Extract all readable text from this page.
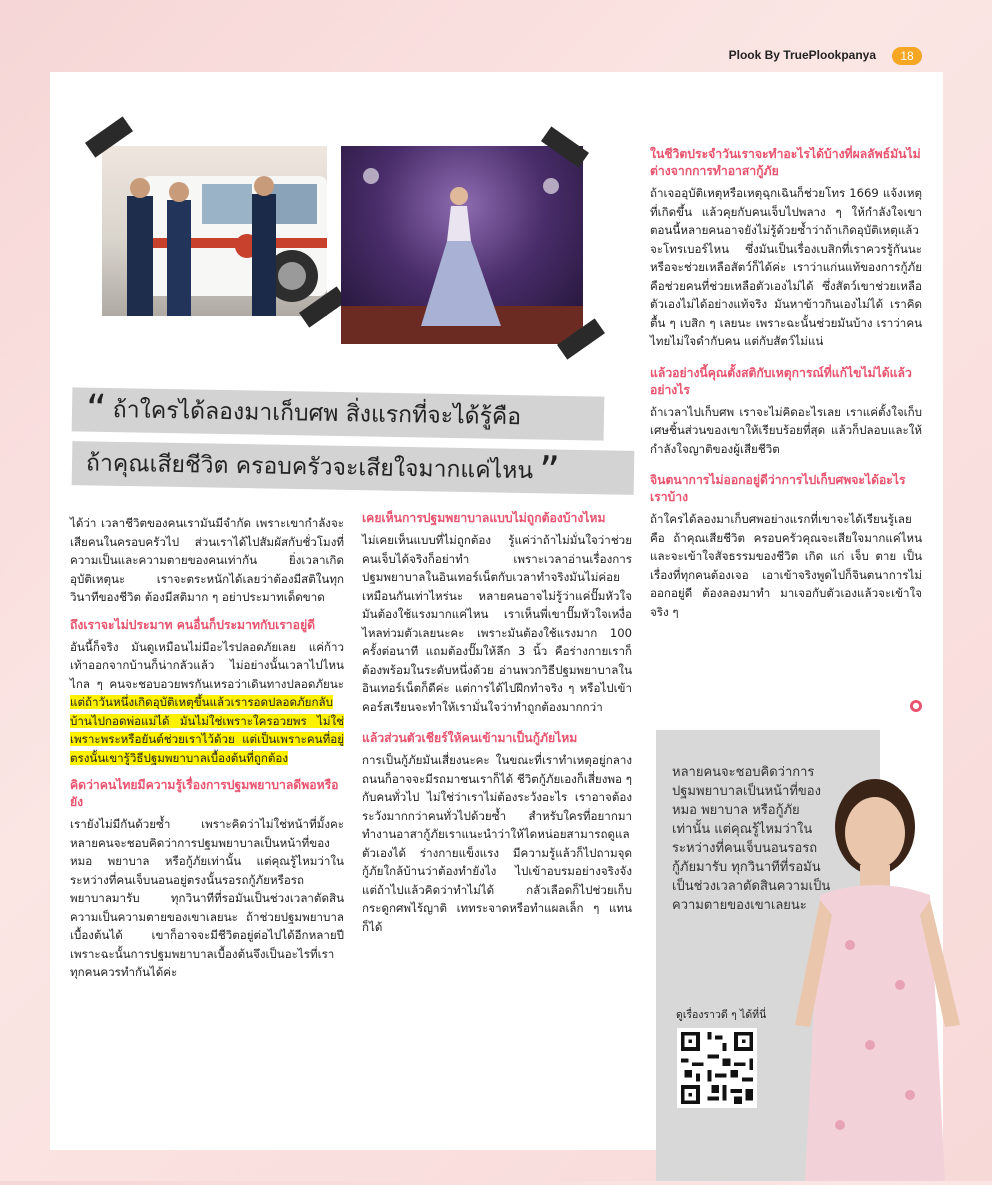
Plook By TruePlookpanya	18
“ ถ้าใครได้ลองมาเก็บศพ สิ่งแรกที่จะได้รู้คือ
ถ้าคุณเสียชีวิต ครอบครัวจะเสียใจมากแค่ไหน ”

ได้ว่า เวลาชีวิตของคนเรามันมีจำกัด เพราะเขากำลังจะเสียคนในครอบครัวไป ส่วนเราได้ไปสัมผัสกับชั่วโมงที่ความเป็นและความตายของคนเท่ากัน ยิ่งเวลาเกิดอุบัติเหตุนะ เราจะตระหนักได้เลยว่าต้องมีสติในทุกวินาทีของชีวิต ต้องมีสติมาก ๆ อย่าประมาทเด็ดขาด

ถึงเราจะไม่ประมาท คนอื่นก็ประมาทกับเราอยู่ดี

อันนี้ก็จริง มันดูเหมือนไม่มีอะไรปลอดภัยเลย แค่ก้าวเท้าออกจากบ้านก็น่ากลัวแล้ว ไม่อย่างนั้นเวลาไปไหนไกล ๆ คนจะชอบอวยพรกันเหรอว่าเดินทางปลอดภัยนะ แต่ถ้าวันหนึ่งเกิดอุบัติเหตุขึ้นแล้วเรารอดปลอดภัยกลับบ้านไปกอดพ่อแม่ได้ มันไม่ใช่เพราะใครอวยพร ไม่ใช่เพราะพระหรือยันต์ช่วยเราไว้ด้วย แต่เป็นเพราะคนที่อยู่ตรงนั้นเขารู้วิธีปฐมพยาบาลเบื้องต้นที่ถูกต้อง

คิดว่าคนไทยมีความรู้เรื่องการปฐมพยาบาลดีพอหรือยัง

เรายังไม่มีกันด้วยซ้ำ เพราะคิดว่าไม่ใช่หน้าที่มั้งคะ หลายคนจะชอบคิดว่าการปฐมพยาบาลเป็นหน้าที่ของหมอ พยาบาล หรือกู้ภัยเท่านั้น แต่คุณรู้ไหมว่าในระหว่างที่คนเจ็บนอนอยู่ตรงนั้นรอรถกู้ภัยหรือรถพยาบาลมารับ ทุกวินาทีที่รอมันเป็นช่วงเวลาตัดสินความเป็นความตายของเขาเลยนะ ถ้าช่วยปฐมพยาบาลเบื้องต้นได้ เขาก็อาจจะมีชีวิตอยู่ต่อไปได้อีกหลายปี เพราะฉะนั้นการปฐมพยาบาลเบื้องต้นจึงเป็นอะไรที่เราทุกคนควรทำกันได้ค่ะ

เคยเห็นการปฐมพยาบาลแบบไม่ถูกต้องบ้างไหม

ไม่เคยเห็นแบบที่ไม่ถูกต้อง รู้แค่ว่าถ้าไม่มั่นใจว่าช่วยคนเจ็บได้จริงก็อย่าทำ เพราะเวลาอ่านเรื่องการปฐมพยาบาลในอินเทอร์เน็ตกับเวลาทำจริงมันไม่ค่อยเหมือนกันเท่าไหร่นะ หลายคนอาจไม่รู้ว่าแค่ปั๊มหัวใจ มันต้องใช้แรงมากแค่ไหน เราเห็นพี่เขาปั๊มหัวใจเหงื่อไหลท่วมตัวเลยนะคะ เพราะมันต้องใช้แรงมาก 100 ครั้งต่อนาที แถมต้องปั๊มให้ลึก 3 นิ้ว คือร่างกายเราก็ต้องพร้อมในระดับหนึ่งด้วย อ่านพวกวิธีปฐมพยาบาลในอินเทอร์เน็ตก็ดีค่ะ แต่การได้ไปฝึกทำจริง ๆ หรือไปเข้าคอร์สเรียนจะทำให้เรามั่นใจว่าทำถูกต้องมากกว่า

แล้วส่วนตัวเชียร์ให้คนเข้ามาเป็นกู้ภัยไหม

การเป็นกู้ภัยมันเสี่ยงนะคะ ในขณะที่เราทำเหตุอยู่กลางถนนก็อาจจะมีรถมาชนเราก็ได้ ชีวิตกู้ภัยเองก็เสี่ยงพอ ๆ กับคนทั่วไป ไม่ใช่ว่าเราไม่ต้องระวังอะไร เราอาจต้องระวังมากกว่าคนทั่วไปด้วยซ้ำ สำหรับใครที่อยากมาทำงานอาสากู้ภัยเราแนะนำว่าให้ไดหน่อยสามารถดูแลตัวเองได้ ร่างกายแข็งแรง มีความรู้แล้วก็ไปถามจุดกู้ภัยใกล้บ้านว่าต้องทำยังไง ไปเข้าอบรมอย่างจริงจัง แต่ถ้าไปแล้วคิดว่าทำไม่ได้ กลัวเลือดก็ไปช่วยเก็บกระดูกศพไร้ญาติ เททระจาดหรือทำแผลเล็ก ๆ แทนก็ได้

ในชีวิตประจำวันเราจะทำอะไรได้บ้างที่ผลลัพธ์มันไม่ต่างจากการทำอาสากู้ภัย

ถ้าเจออุบัติเหตุหรือเหตุฉุกเฉินก็ช่วยโทร 1669 แจ้งเหตุที่เกิดขึ้น แล้วคุยกับคนเจ็บไปพลาง ๆ ให้กำลังใจเขา ตอนนี้หลายคนอาจยังไม่รู้ด้วยซ้ำว่าถ้าเกิดอุบัติเหตุแล้วจะโทรเบอร์ไหน ซึ่งมันเป็นเรื่องเบสิกที่เราควรรู้กันนะ หรือจะช่วยเหลือสัตว์ก็ได้ค่ะ เราว่าแก่นแท้ของการกู้ภัยคือช่วยคนที่ช่วยเหลือตัวเองไม่ได้ ซึ่งสัตว์เขาช่วยเหลือตัวเองไม่ได้อย่างแท้จริง มันหาข้าวกินเองไม่ได้ เราคิดตื้น ๆ เบสิก ๆ เลยนะ เพราะฉะนั้นช่วยมันบ้าง เราว่าคนไทยไม่ใจดำกับคน แต่กับสัตว์ไม่แน่

แล้วอย่างนี้คุณตั้งสติกับเหตุการณ์ที่แก้ไขไม่ได้แล้วอย่างไร

ถ้าเวลาไปเก็บศพ เราจะไม่คิดอะไรเลย เราแค่ตั้งใจเก็บเศษชิ้นส่วนของเขาให้เรียบร้อยที่สุด แล้วก็ปลอบและให้กำลังใจญาติของผู้เสียชีวิต

จินตนาการไม่ออกอยู่ดีว่าการไปเก็บศพจะได้อะไรเราบ้าง

ถ้าใครได้ลองมาเก็บศพอย่างแรกที่เขาจะได้เรียนรู้เลยคือ ถ้าคุณเสียชีวิต ครอบครัวคุณจะเสียใจมากแค่ไหน และจะเข้าใจสัจธรรมของชีวิต เกิด แก่ เจ็บ ตาย เป็นเรื่องที่ทุกคนต้องเจอ เอาเข้าจริงพูดไปก็จินตนาการไม่ออกอยู่ดี ต้องลองมาทำ มาเจอกับตัวเองแล้วจะเข้าใจจริง ๆ

●
หลายคนจะชอบคิดว่าการปฐมพยาบาลเป็นหน้าที่ของหมอ พยาบาล หรือกู้ภัยเท่านั้น แต่คุณรู้ไหมว่าในระหว่างที่คนเจ็บนอนรอรถกู้ภัยมารับ ทุกวินาทีที่รอมันเป็นช่วงเวลาตัดสินความเป็นความตายของเขาเลยนะ
ดูเรื่องราวดี ๆ ได้ที่นี่
